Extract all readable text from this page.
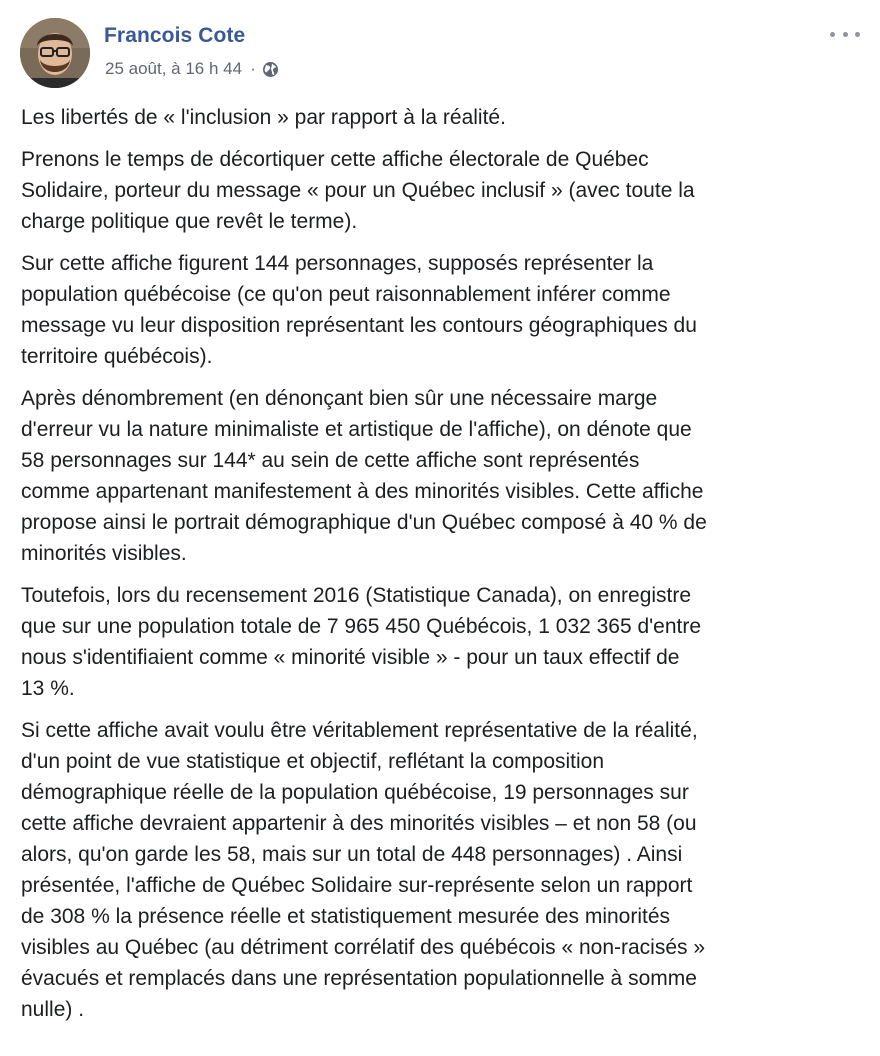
Francois Cote
25 août, à 16 h 44 ·

Les libertés de « l'inclusion » par rapport à la réalité.

Prenons le temps de décortiquer cette affiche électorale de Québec
Solidaire, porteur du message « pour un Québec inclusif » (avec toute la
charge politique que revêt le terme).

Sur cette affiche figurent 144 personnages, supposés représenter la
population québécoise (ce qu'on peut raisonnablement inférer comme
message vu leur disposition représentant les contours géographiques du
territoire québécois).

Après dénombrement (en dénonçant bien sûr une nécessaire marge
d'erreur vu la nature minimaliste et artistique de l'affiche), on dénote que
58 personnages sur 144* au sein de cette affiche sont représentés
comme appartenant manifestement à des minorités visibles. Cette affiche
propose ainsi le portrait démographique d'un Québec composé à 40 % de
minorités visibles.

Toutefois, lors du recensement 2016 (Statistique Canada), on enregistre
que sur une population totale de 7 965 450 Québécois, 1 032 365 d'entre
nous s'identifiaient comme « minorité visible » - pour un taux effectif de
13 %.

Si cette affiche avait voulu être véritablement représentative de la réalité,
d'un point de vue statistique et objectif, reflétant la composition
démographique réelle de la population québécoise, 19 personnages sur
cette affiche devraient appartenir à des minorités visibles – et non 58 (ou
alors, qu'on garde les 58, mais sur un total de 448 personnages) . Ainsi
présentée, l'affiche de Québec Solidaire sur-représente selon un rapport
de 308 % la présence réelle et statistiquement mesurée des minorités
visibles au Québec (au détriment corrélatif des québécois « non-racisés »
évacués et remplacés dans une représentation populationnelle à somme
nulle) .
